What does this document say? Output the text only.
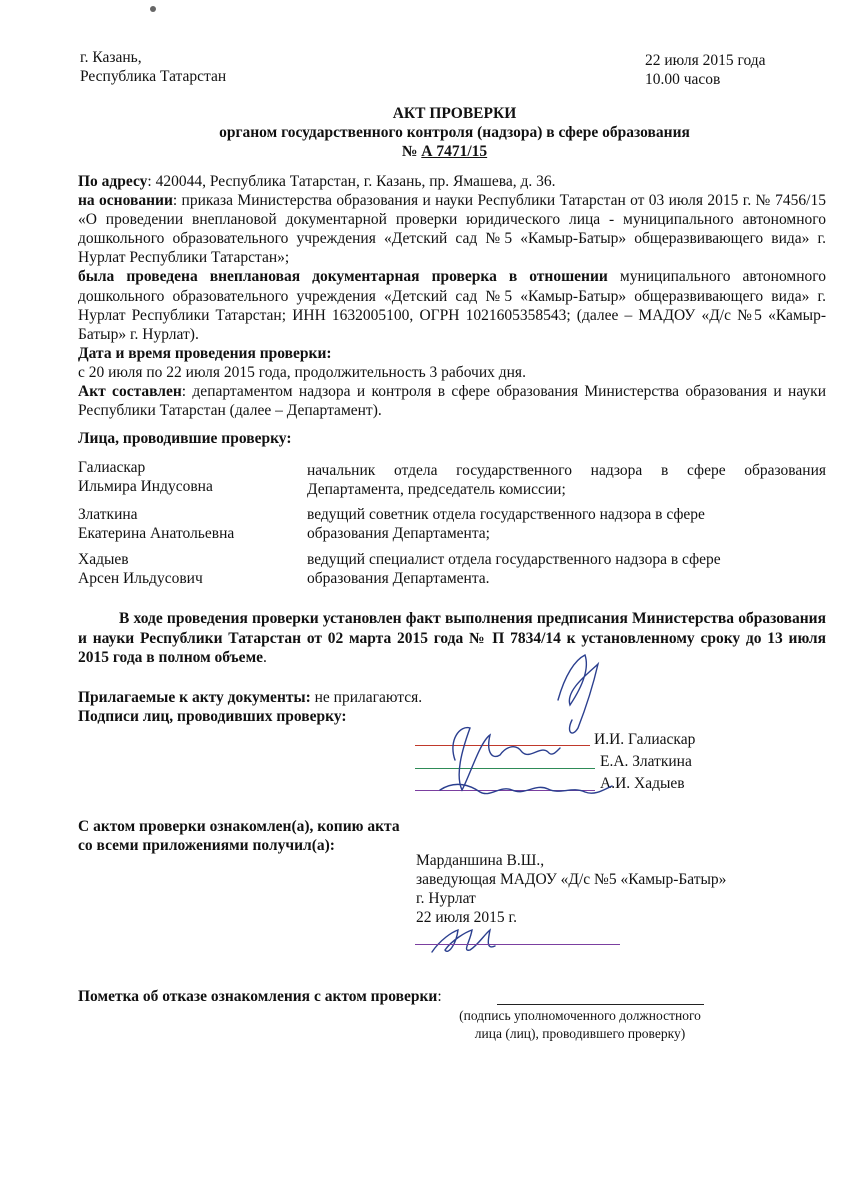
г. Казань,
Республика Татарстан
22 июля 2015 года
10.00 часов
АКТ ПРОВЕРКИ
органом государственного контроля (надзора) в сфере образования
№ А 7471/15

По адресу: 420044, Республика Татарстан, г. Казань, пр. Ямашева, д. 36.

на основании: приказа Министерства образования и науки Республики Татарстан от 03 июля 2015 г. № 7456/15 «О проведении внеплановой документарной проверки юридического лица - муниципального автономного дошкольного образовательного учреждения «Детский сад №5 «Камыр-Батыр» общеразвивающего вида» г. Нурлат Республики Татарстан»;

была проведена внеплановая документарная проверка в отношении муниципального автономного дошкольного образовательного учреждения «Детский сад №5 «Камыр-Батыр» общеразвивающего вида» г. Нурлат Республики Татарстан; ИНН 1632005100, ОГРН 1021605358543; (далее – МАДОУ «Д/с №5 «Камыр-Батыр» г. Нурлат).

Дата и время проведения проверки:

с 20 июля по 22 июля 2015 года, продолжительность 3 рабочих дня.

Акт составлен: департаментом надзора и контроля в сфере образования Министерства образования и науки Республики Татарстан (далее – Департамент).

Лица, проводившие проверку:
Галиаскар
Ильмира Индусовна
начальник отдела государственного надзора в сфере образования Департамента, председатель комиссии;
Златкина
Екатерина Анатольевна
ведущий советник отдела государственного надзора в сфере образования Департамента;
Хадыев
Арсен Ильдусович
ведущий специалист отдела государственного надзора в сфере образования Департамента.
В ходе проведения проверки установлен факт выполнения предписания Министерства образования и науки Республики Татарстан от 02 марта 2015 года № П 7834/14 к установленному сроку до 13 июля 2015 года в полном объеме.
Прилагаемые к акту документы: не прилагаются.
Подписи лиц, проводивших проверку:
И.И. Галиаскар
Е.А. Златкина
А.И. Хадыев
С актом проверки ознакомлен(а), копию акта
со всеми приложениями получил(а):
Марданшина В.Ш.,
заведующая МАДОУ «Д/с №5 «Камыр-Батыр»
г. Нурлат
22 июля 2015 г.
Пометка об отказе ознакомления с актом проверки:
(подпись уполномоченного должностного
лица (лиц), проводившего проверку)
